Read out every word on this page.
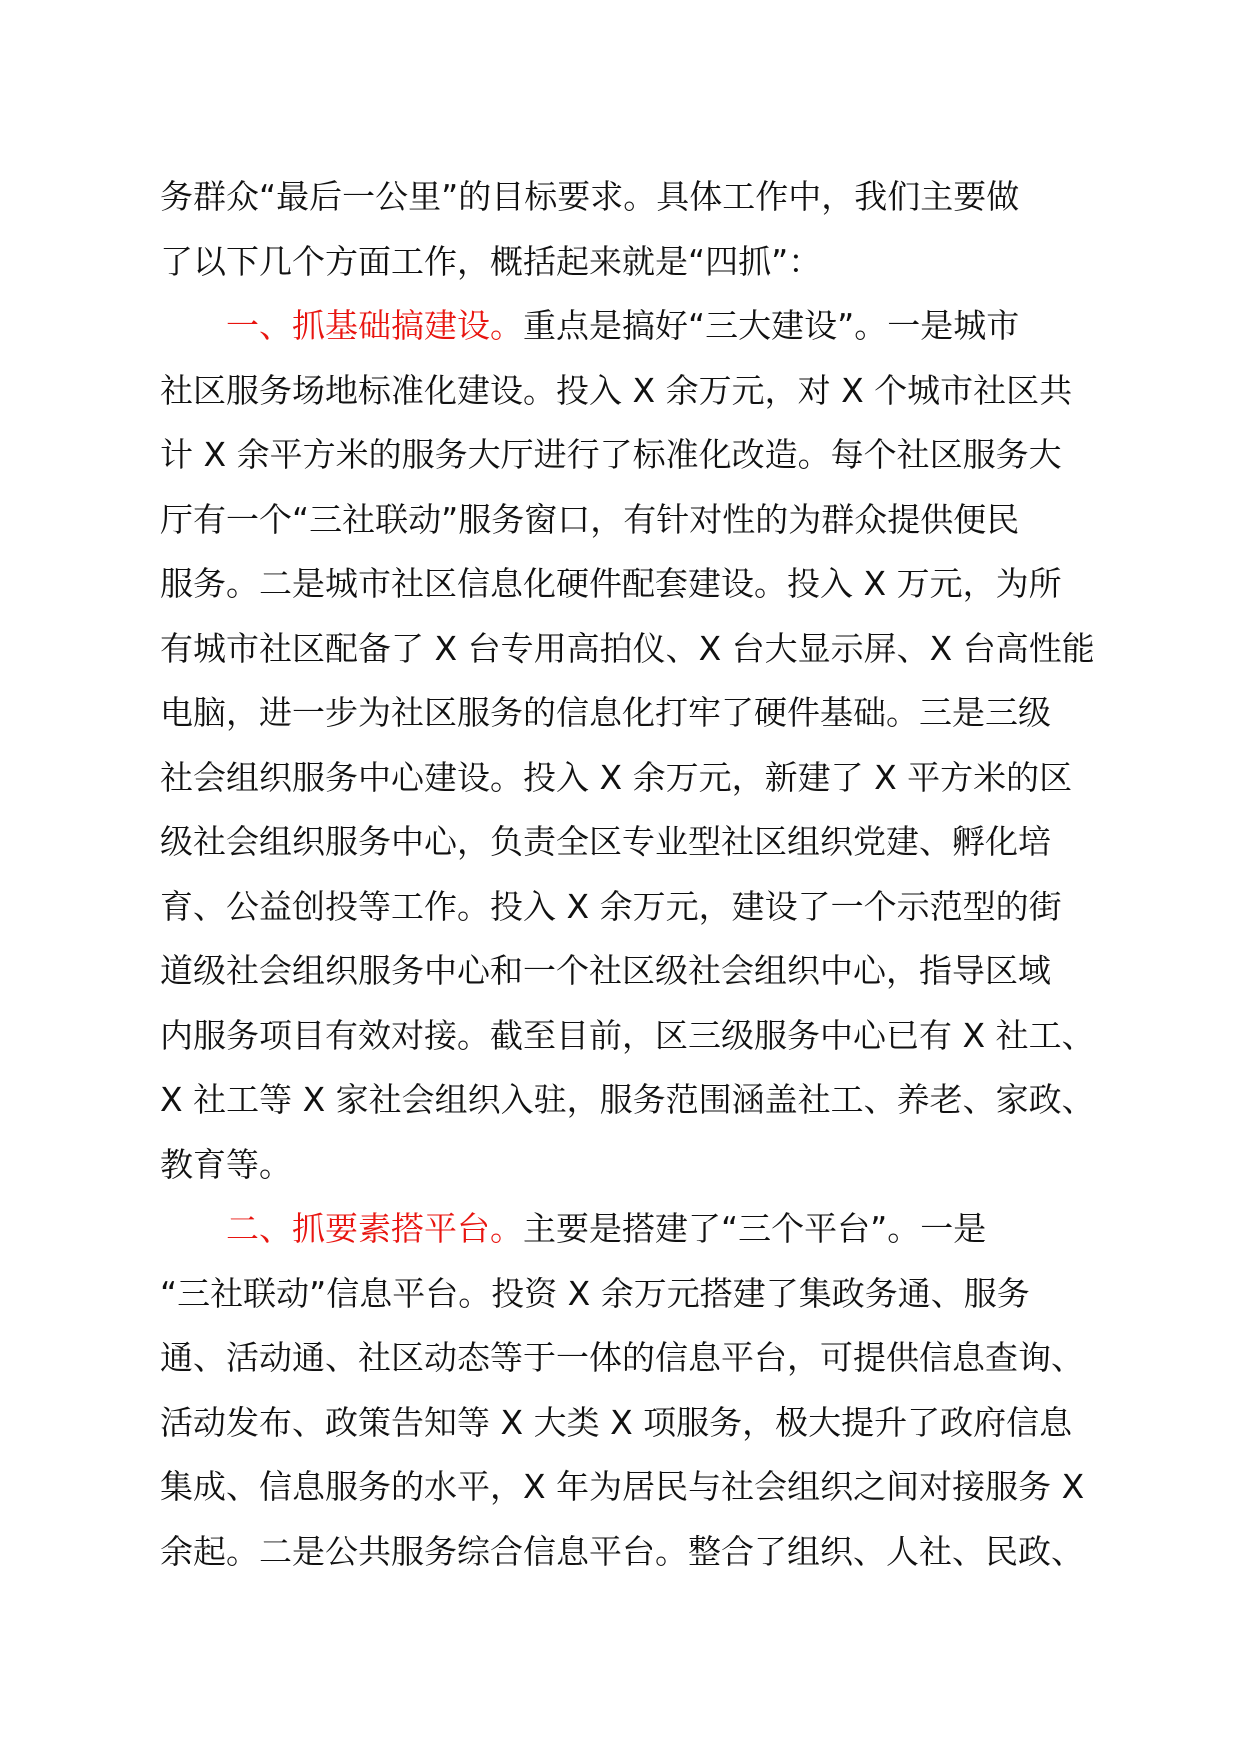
务群众“最后一公里”的目标要求。具体工作中，我们主要做
了以下几个方面工作，概括起来就是“四抓”：
一、抓基础搞建设。重点是搞好“三大建设”。一是城市
社区服务场地标准化建设。投入 X 余万元，对 X 个城市社区共
计 X 余平方米的服务大厅进行了标准化改造。每个社区服务大
厅有一个“三社联动”服务窗口，有针对性的为群众提供便民
服务。二是城市社区信息化硬件配套建设。投入 X 万元，为所
有城市社区配备了 X 台专用高拍仪、X 台大显示屏、X 台高性能
电脑，进一步为社区服务的信息化打牢了硬件基础。三是三级
社会组织服务中心建设。投入 X 余万元，新建了 X 平方米的区
级社会组织服务中心，负责全区专业型社区组织党建、孵化培
育、公益创投等工作。投入 X 余万元，建设了一个示范型的街
道级社会组织服务中心和一个社区级社会组织中心，指导区域
内服务项目有效对接。截至目前，区三级服务中心已有 X 社工、
X 社工等 X 家社会组织入驻，服务范围涵盖社工、养老、家政、
教育等。
二、抓要素搭平台。主要是搭建了“三个平台”。一是
“三社联动”信息平台。投资 X 余万元搭建了集政务通、服务
通、活动通、社区动态等于一体的信息平台，可提供信息查询、
活动发布、政策告知等 X 大类 X 项服务，极大提升了政府信息
集成、信息服务的水平，X 年为居民与社会组织之间对接服务 X
余起。二是公共服务综合信息平台。整合了组织、人社、民政、
